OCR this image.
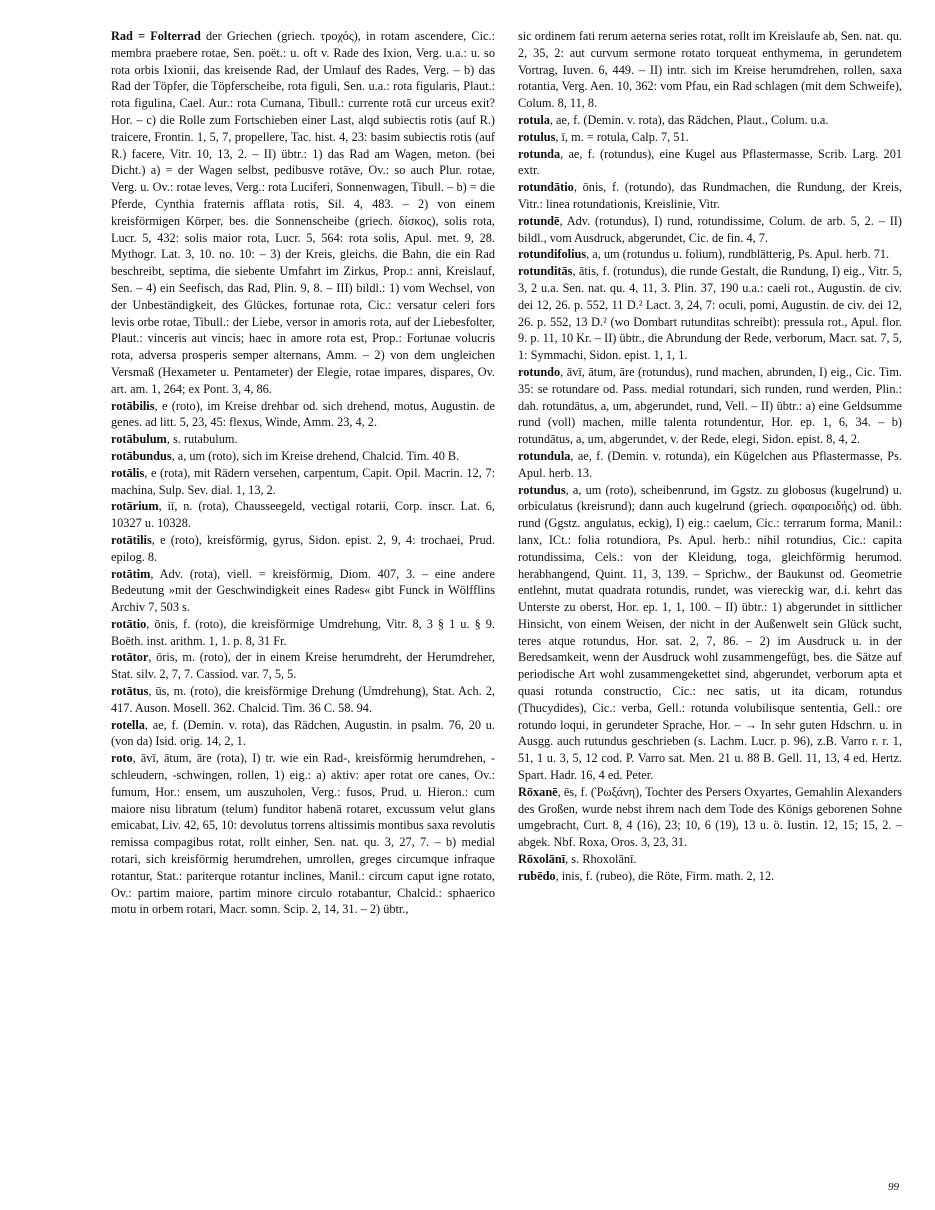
Rad = Folterrad der Griechen (griech. τροχός), in rotam ascendere, Cic.: membra praebere rotae, Sen. poët.: u. oft v. Rade des Ixion, Verg. u.a.: u. so rota orbis Ixionii, das kreisende Rad, der Umlauf des Rades, Verg. – b) das Rad der Töpfer, die Töpferscheibe, rota figuli, Sen. u.a.: rota figularis, Plaut.: rota figulina, Cael. Aur.: rota Cumana, Tibull.: currente rotā cur urceus exit? Hor. – c) die Rolle zum Fortschieben einer Last, alqd subiectis rotis (auf R.) traicere, Frontin. 1, 5, 7, propellere, Tac. hist. 4, 23: basim subiectis rotis (auf R.) facere, Vitr. 10, 13, 2. – II) übtr.: 1) das Rad am Wagen, meton. (bei Dicht.) a) = der Wagen selbst, pedibusve rotāve, Ov.: so auch Plur. rotae, Verg. u. Ov.: rotae leves, Verg.: rota Luciferi, Sonnenwagen, Tibull. – b) = die Pferde, Cynthia fraternis afflata rotis, Sil. 4, 483. – 2) von einem kreisförmigen Körper, bes. die Sonnenscheibe (griech. δίσκος), solis rota, Lucr. 5, 432: solis maior rota, Lucr. 5, 564: rota solis, Apul. met. 9, 28. Mythogr. Lat. 3, 10. no. 10: – 3) der Kreis, gleichs. die Bahn, die ein Rad beschreibt, septima, die siebente Umfahrt im Zirkus, Prop.: anni, Kreislauf, Sen. – 4) ein Seefisch, das Rad, Plin. 9, 8. – III) bildl.: 1) vom Wechsel, von der Unbeständigkeit, des Glückes, fortunae rota, Cic.: versatur celeri fors levis orbe rotae, Tibull.: der Liebe, versor in amoris rota, auf der Liebesfolter, Plaut.: vinceris aut vincis; haec in amore rota est, Prop.: Fortunae volucris rota, adversa prosperis semper alternans, Amm. – 2) von dem ungleichen Versmaß (Hexameter u. Pentameter) der Elegie, rotae impares, dispares, Ov. art. am. 1, 264; ex Pont. 3, 4, 86.

rotābilis, e (roto), im Kreise drehbar od. sich drehend, motus, Augustin. de genes. ad litt. 5, 23, 45: flexus, Winde, Amm. 23, 4, 2.

rotābulum, s. rutabulum.

rotābundus, a, um (roto), sich im Kreise drehend, Chalcid. Tim. 40 B.

rotālis, e (rota), mit Rädern versehen, carpentum, Capit. Opil. Macrin. 12, 7: machina, Sulp. Sev. dial. 1, 13, 2.

rotārium, iī, n. (rota), Chausseegeld, vectigal rotarii, Corp. inscr. Lat. 6, 10327 u. 10328.

rotātilis, e (roto), kreisförmig, gyrus, Sidon. epist. 2, 9, 4: trochaei, Prud. epilog. 8.

rotātim, Adv. (rota), viell. = kreisförmig, Diom. 407, 3. – eine andere Bedeutung »mit der Geschwindigkeit eines Rades« gibt Funck in Wölfflins Archiv 7, 503 s.

rotātio, ōnis, f. (roto), die kreisförmige Umdrehung, Vitr. 8, 3 § 1 u. § 9. Boëth. inst. arithm. 1, 1. p. 8, 31 Fr.

rotātor, ōris, m. (roto), der in einem Kreise herumdreht, der Herumdreher, Stat. silv. 2, 7, 7. Cassiod. var. 7, 5, 5.

rotātus, ūs, m. (roto), die kreisförmige Drehung (Umdrehung), Stat. Ach. 2, 417. Auson. Mosell. 362. Chalcid. Tim. 36 C. 58. 94.

rotella, ae, f. (Demin. v. rota), das Rädchen, Augustin. in psalm. 76, 20 u. (von da) Isid. orig. 14, 2, 1.

roto, āvī, ātum, āre (rota), I) tr. wie ein Rad-, kreisförmig herumdrehen, -schleudern, -schwingen, rollen, 1) eig.: a) aktiv: aper rotat ore canes, Ov.: fumum, Hor.: ensem, um auszuholen, Verg.: fusos, Prud. u. Hieron.: cum maiore nisu libratum (telum) funditor habenā rotaret, excussum velut glans emicabat, Liv. 42, 65, 10: devolutus torrens altissimis montibus saxa revolutis remissa compagibus rotat, rollt einher, Sen. nat. qu. 3, 27, 7. – b) medial rotari, sich kreisförmig herumdrehen, umrollen, greges circumque infraque rotantur, Stat.: pariterque rotantur inclines, Manil.: circum caput igne rotato, Ov.: partim maiore, partim minore circulo rotabantur, Chalcid.: sphaerico motu in orbem rotari, Macr. somn. Scip. 2, 14, 31. – 2) übtr.,

sic ordinem fati rerum aeterna series rotat, rollt im Kreislaufe ab, Sen. nat. qu. 2, 35, 2: aut curvum sermone rotato torqueat enthymema, in gerundetem Vortrag, Iuven. 6, 449. – II) intr. sich im Kreise herumdrehen, rollen, saxa rotantia, Verg. Aen. 10, 362: vom Pfau, ein Rad schlagen (mit dem Schweife), Colum. 8, 11, 8.

rotula, ae, f. (Demin. v. rota), das Rädchen, Plaut., Colum. u.a.

rotulus, ī, m. = rotula, Calp. 7, 51.

rotunda, ae, f. (rotundus), eine Kugel aus Pflastermasse, Scrib. Larg. 201 extr.

rotundātio, ōnis, f. (rotundo), das Rundmachen, die Rundung, der Kreis, Vitr.: linea rotundationis, Kreislinie, Vitr.

rotundē, Adv. (rotundus), I) rund, rotundissime, Colum. de arb. 5, 2. – II) bildl., vom Ausdruck, abgerundet, Cic. de fin. 4, 7.

rotundifolius, a, um (rotundus u. folium), rundblätterig, Ps. Apul. herb. 71.

rotunditās, ātis, f. (rotundus), die runde Gestalt, die Rundung, I) eig., Vitr. 5, 3, 2 u.a. Sen. nat. qu. 4, 11, 3. Plin. 37, 190 u.a.: caeli rot., Augustin. de civ. dei 12, 26. p. 552, 11 D.² Lact. 3, 24, 7: oculi, pomi, Augustin. de civ. dei 12, 26. p. 552, 13 D.² (wo Dombart rutunditas schreibt): pressula rot., Apul. flor. 9. p. 11, 10 Kr. – II) übtr., die Abrundung der Rede, verborum, Macr. sat. 7, 5, 1: Symmachi, Sidon. epist. 1, 1, 1.

rotundo, āvī, ātum, āre (rotundus), rund machen, abrunden, I) eig., Cic. Tim. 35: se rotundare od. Pass. medial rotundari, sich runden, rund werden, Plin.: dah. rotundātus, a, um, abgerundet, rund, Vell. – II) übtr.: a) eine Geldsumme rund (voll) machen, mille talenta rotundentur, Hor. ep. 1, 6, 34. – b) rotundātus, a, um, abgerundet, v. der Rede, elegi, Sidon. epist. 8, 4, 2.

rotundula, ae, f. (Demin. v. rotunda), ein Kügelchen aus Pflastermasse, Ps. Apul. herb. 13.

rotundus, a, um (roto), scheibenrund, im Ggstz. zu globosus (kugelrund) u. orbiculatus (kreisrund); dann auch kugelrund (griech. σφαιροειδής) od. übh. rund (Ggstz. angulatus, eckig), I) eig.: caelum, Cic.: terrarum forma, Manil.: lanx, ICt.: folia rotundiora, Ps. Apul. herb.: nihil rotundius, Cic.: capita rotundissima, Cels.: von der Kleidung, toga, gleichförmig herumod. herabhangend, Quint. 11, 3, 139. – Sprichw., der Baukunst od. Geometrie entlehnt, mutat quadrata rotundis, rundet, was viereckig war, d.i. kehrt das Unterste zu oberst, Hor. ep. 1, 1, 100. – II) übtr.: 1) abgerundet in sittlicher Hinsicht, von einem Weisen, der nicht in der Außenwelt sein Glück sucht, teres atque rotundus, Hor. sat. 2, 7, 86. – 2) im Ausdruck u. in der Beredsamkeit, wenn der Ausdruck wohl zusammengefügt, bes. die Sätze auf periodische Art wohl zusammengekettet sind, abgerundet, verborum apta et quasi rotunda constructio, Cic.: nec satis, ut ita dicam, rotundus (Thucydides), Cic.: verba, Gell.: rotunda volubilisque sententia, Gell.: ore rotundo loqui, in gerundeter Sprache, Hor. – → In sehr guten Hdschrn. u. in Ausgg. auch rutundus geschrieben (s. Lachm. Lucr. p. 96), z.B. Varro r. r. 1, 51, 1 u. 3, 5, 12 cod. P. Varro sat. Men. 21 u. 88 B. Gell. 11, 13, 4 ed. Hertz. Spart. Hadr. 16, 4 ed. Peter.

Rōxanē, ēs, f. (Ῥωξάνη), Tochter des Persers Oxyartes, Gemahlin Alexanders des Großen, wurde nebst ihrem nach dem Tode des Königs geborenen Sohne umgebracht, Curt. 8, 4 (16), 23; 10, 6 (19), 13 u. ö. Iustin. 12, 15; 15, 2. – abgek. Nbf. Roxa, Oros. 3, 23, 31.

Rōxolānī, s. Rhoxolānī.

rubēdo, inis, f. (rubeo), die Röte, Firm. math. 2, 12.

99
